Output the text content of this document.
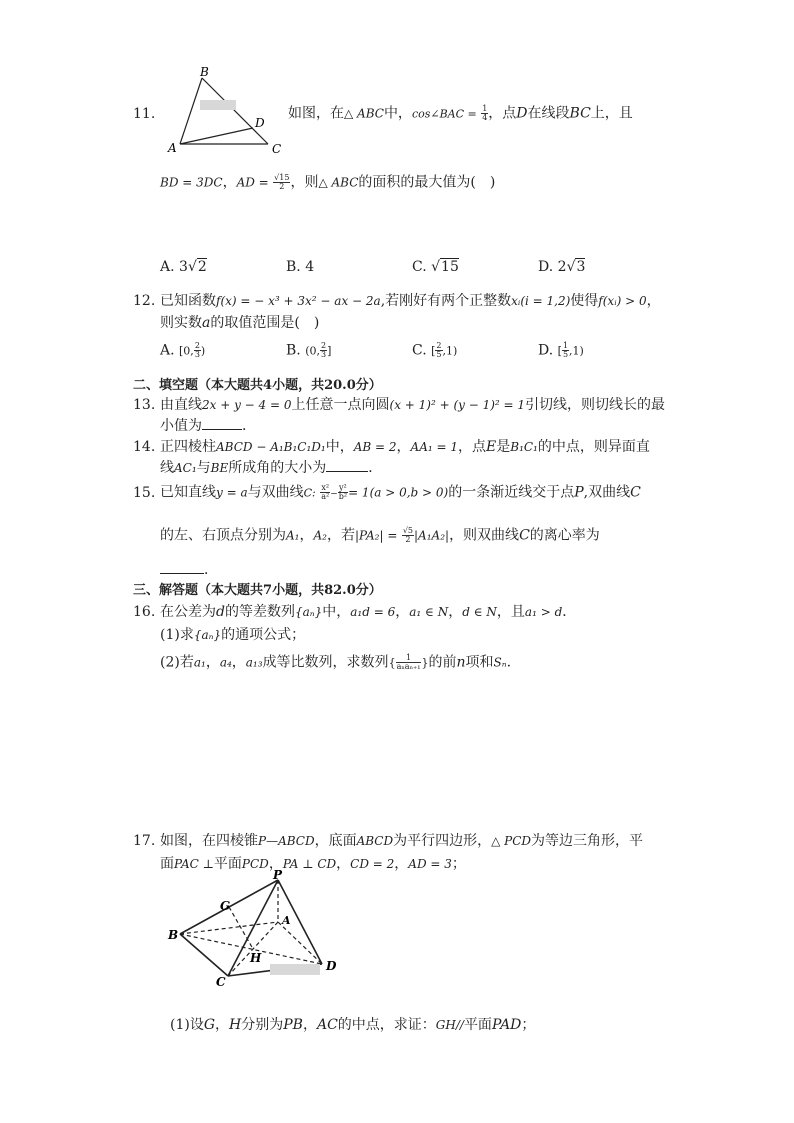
11.
B
A	C
D
如图，在△ ABC中，cos∠BAC = $\frac{1}{4}$ ，点D在线段BC上，且
BD = 3DC，AD = $\frac{√15}{2}$ ，则△ ABC的面积的最大值为(　)
A. 3√2	B. 4	C. √15	D. 2√3
12. 已知函数f(x) = − x³ + 3x² − ax − 2a,若刚好有两个正整数xᵢ(i = 1,2)使得f(xᵢ) > 0，
则实数a的取值范围是(　)
A. [0, $\frac{2}{3}$ )	B. (0, $\frac{2}{3}$ ]	C. [ $\frac{2}{5} ,1$)	D. [ $\frac{1}{5} ,1$)
二、填空题（本大题共4小题，共20.0分）
13. 由直线2x + y − 4 = 0上任意一点向圆(x + 1)² + (y − 1)² = 1引切线，则切线长的最
小值为	．
14. 正四棱柱ABCD − A₁B₁C₁D₁中，AB = 2，AA₁ = 1，点E是B₁C₁的中点，则异面直
线AC₁与BE所成角的大小为	．
15. 已知直线y = a与双曲线C: $\frac{\text{x²}}{\text{a²}} - \frac{\text{y²}}{\text{b²}} = 1(a > 0,b > 0)$的一条渐近线交于点P,双曲线C
的左、右顶点分别为A₁，A₂，若$|PA_2| = \frac{√5}{2} |A_1A_2|$，则双曲线C的离心率为
．
三、解答题（本大题共7小题，共82.0分）
16. 在公差为d的等差数列{aₙ}中，a₁d = 6，a₁ ∈ N，d ∈ N，且a₁ > d．
(1)求{aₙ}的通项公式；
(2)若a₁，a₄，a₁₃成等比数列，求数列{ $\frac{1}{\text{aₙaₙ₊₁}}$ }的前n项和Sₙ.
17. 如图，在四棱锥P—ABCD，底面ABCD为平行四边形，△ PCD为等边三角形，平
面PAC ⊥平面PCD，PA ⊥ CD，CD = 2，AD = 3；
P
G
A
B
C
D
H
(1)设G，H分别为PB，AC的中点，求证：GH//平面PAD；
